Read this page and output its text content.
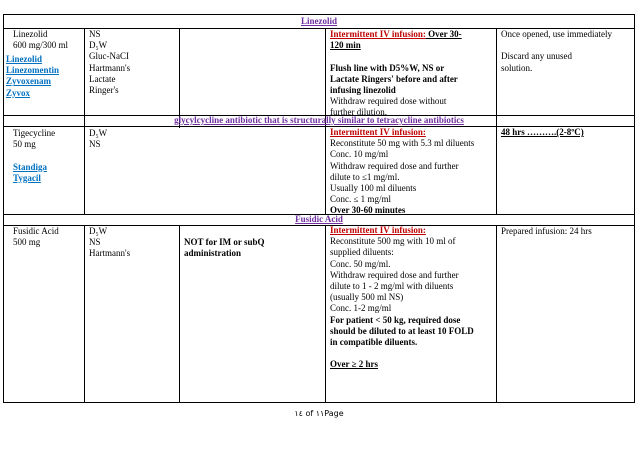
Linezolid
Linezolid
600 mg/300 ml
Linezolid
Linezomentin
Zyvoxenam
Zyvox
NS
D₅W
Gluc-NaCI
Hartmann's
Lactate
Ringer's
Intermittent IV infusion: Over 30-
120 min
Flush line with D5%W, NS or
Lactate Ringers' before and after
infusing linezolid
Withdraw required dose without
further dilution.
Once opened, use immediately
Discard any unused
solution.
glycylcycline antibiotic that is structurally similar to tetracycline antibiotics
Tigecycline
50 mg
Standiga
Tygacil
D₅W
NS
Intermittent IV infusion:
Reconstitute 50 mg with 5.3 ml diluents
Conc. 10 mg/ml
Withdraw required dose and further
dilute to ≤1 mg/ml.
Usually 100 ml diluents
Conc. ≤ 1 mg/ml
Over 30-60 minutes
48 hrs ……….(2-8ºC)
Fusidic Acid
Fusidic Acid
500 mg
D₅W
NS
Hartmann's
NOT for IM or subQ
administration
Intermittent IV infusion:
Reconstitute 500 mg with 10 ml of
supplied diluents:
Conc. 50 mg/ml.
Withdraw required dose and further
dilute to 1 - 2 mg/ml with diluents
(usually 500 ml NS)
Conc. 1-2 mg/ml
For patient < 50 kg, required dose
should be diluted to at least 10 FOLD
in compatible diluents.
Over ≥ 2 hrs
Prepared infusion: 24 hrs
١٤ of ١١Page
